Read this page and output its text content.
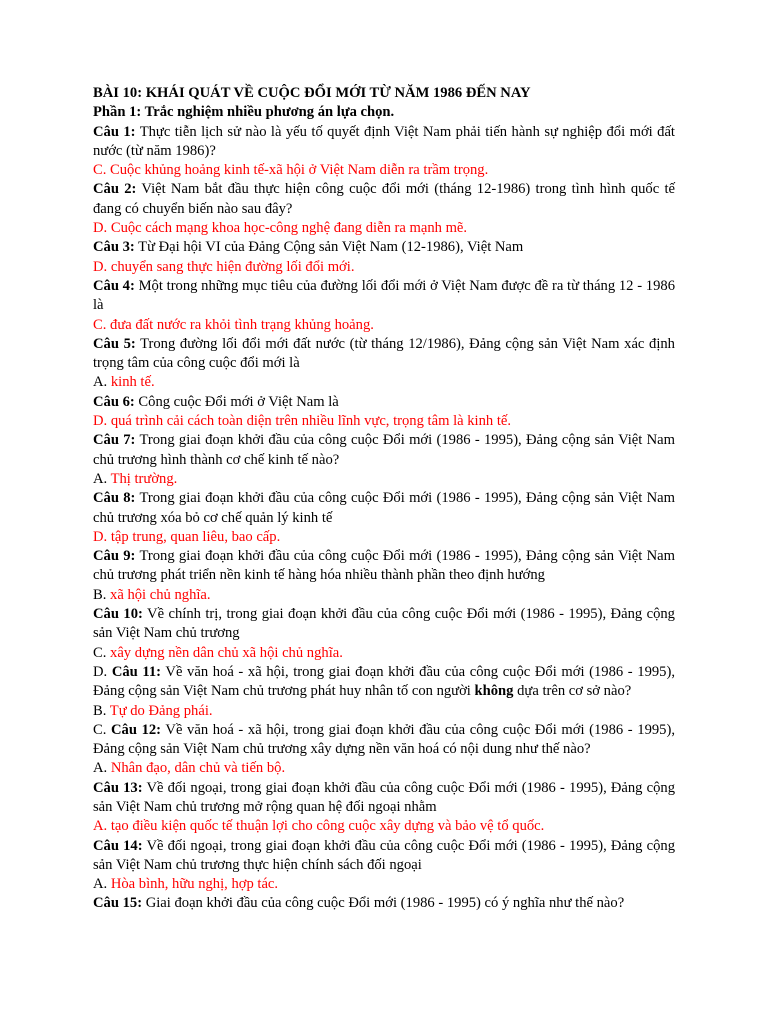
BÀI 10: KHÁI QUÁT VỀ CUỘC ĐỔI MỚI TỪ NĂM 1986 ĐẾN NAY

Phần 1: Trắc nghiệm nhiều phương án lựa chọn.

Câu 1: Thực tiễn lịch sử nào là yếu tố quyết định Việt Nam phải tiến hành sự nghiệp đổi mới đất nước (từ năm 1986)?

C. Cuộc khủng hoảng kinh tế-xã hội ở Việt Nam diễn ra trầm trọng.

Câu 2: Việt Nam bắt đầu thực hiện công cuộc đổi mới (tháng 12-1986) trong tình hình quốc tế đang có chuyển biến nào sau đây?

D. Cuộc cách mạng khoa học-công nghệ đang diễn ra mạnh mẽ.

Câu 3: Từ Đại hội VI của Đảng Cộng sản Việt Nam (12-1986), Việt Nam

D. chuyển sang thực hiện đường lối đổi mới.

Câu 4: Một trong những mục tiêu của đường lối đổi mới ở Việt Nam được đề ra từ tháng 12 - 1986 là

C. đưa đất nước ra khỏi tình trạng khủng hoảng.

Câu 5: Trong đường lối đổi mới đất nước (từ tháng 12/1986), Đảng cộng sản Việt Nam xác định trọng tâm của công cuộc đổi mới là

A. kinh tế.

Câu 6: Công cuộc Đổi mới ở Việt Nam là

D. quá trình cải cách toàn diện trên nhiều lĩnh vực, trọng tâm là kinh tế.

Câu 7: Trong giai đoạn khởi đầu của công cuộc Đổi mới (1986 - 1995), Đảng cộng sản Việt Nam chủ trương hình thành cơ chế kinh tế nào?

A. Thị trường.

Câu 8: Trong giai đoạn khởi đầu của công cuộc Đổi mới (1986 - 1995), Đảng cộng sản Việt Nam chủ trương xóa bỏ cơ chế quản lý kinh tế

D. tập trung, quan liêu, bao cấp.

Câu 9: Trong giai đoạn khởi đầu của công cuộc Đổi mới (1986 - 1995), Đảng cộng sản Việt Nam chủ trương phát triển nền kinh tế hàng hóa nhiều thành phần theo định hướng

B. xã hội chủ nghĩa.

Câu 10: Về chính trị, trong giai đoạn khởi đầu của công cuộc Đổi mới (1986 - 1995), Đảng cộng sản Việt Nam chủ trương

C. xây dựng nền dân chủ xã hội chủ nghĩa.

D. Câu 11: Về văn hoá - xã hội, trong giai đoạn khởi đầu của công cuộc Đổi mới (1986 - 1995), Đảng cộng sản Việt Nam chủ trương phát huy nhân tố con người không dựa trên cơ sở nào?

B. Tự do Đảng phái.

C. Câu 12: Về văn hoá - xã hội, trong giai đoạn khởi đầu của công cuộc Đổi mới (1986 - 1995), Đảng cộng sản Việt Nam chủ trương xây dựng nền văn hoá có nội dung như thế nào?

A. Nhân đạo, dân chủ và tiến bộ.

Câu 13: Về đối ngoại, trong giai đoạn khởi đầu của công cuộc Đổi mới (1986 - 1995), Đảng cộng sản Việt Nam chủ trương mở rộng quan hệ đối ngoại nhằm

A. tạo điều kiện quốc tế thuận lợi cho công cuộc xây dựng và bảo vệ tổ quốc.

Câu 14: Về đối ngoại, trong giai đoạn khởi đầu của công cuộc Đổi mới (1986 - 1995), Đảng cộng sản Việt Nam chủ trương thực hiện chính sách đối ngoại

A. Hòa bình, hữu nghị, hợp tác.

Câu 15: Giai đoạn khởi đầu của công cuộc Đổi mới (1986 - 1995) có ý nghĩa như thế nào?
